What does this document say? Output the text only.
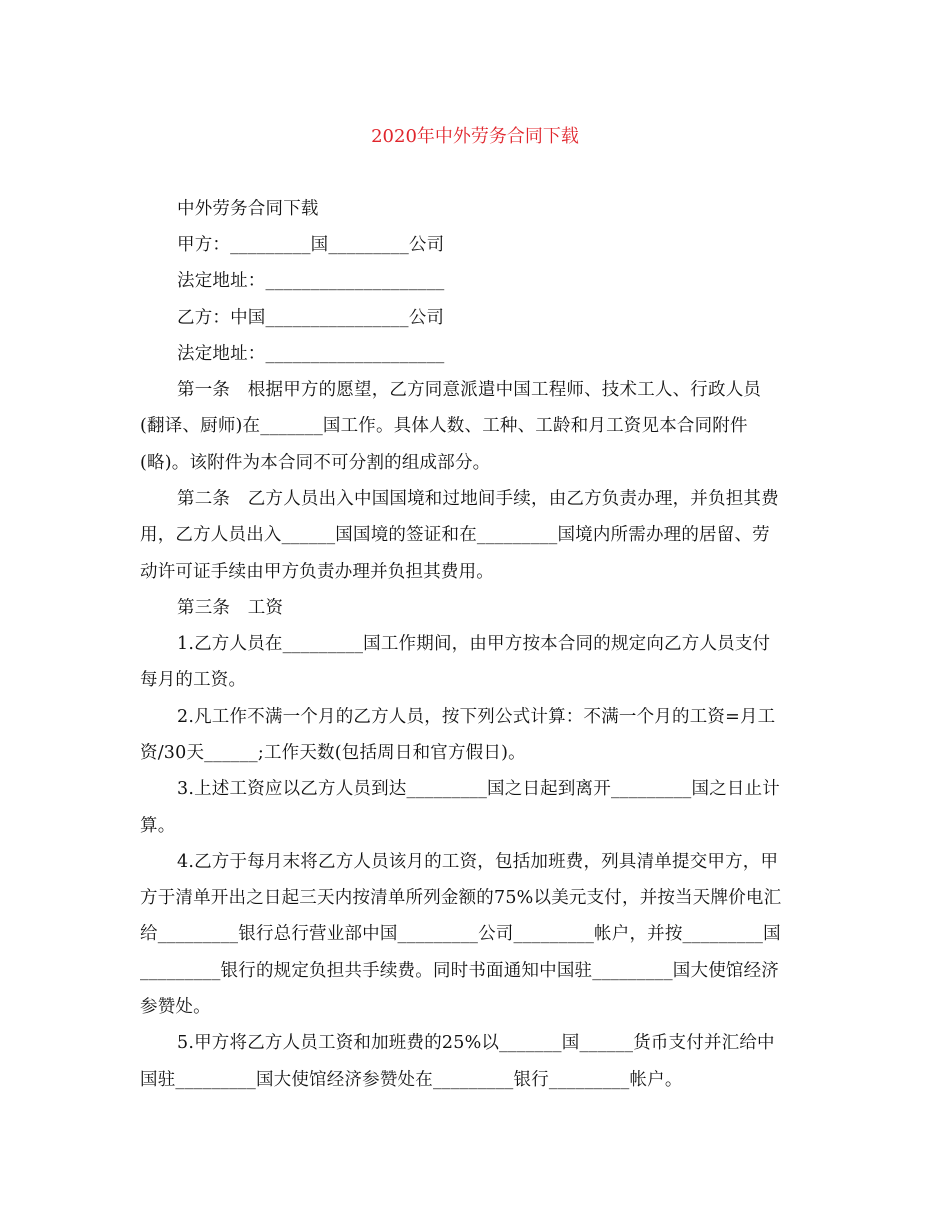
2020年中外劳务合同下载
中外劳务合同下载
甲方：_________国_________公司
法定地址：____________________
乙方：中国________________公司
法定地址：____________________
第一条　根据甲方的愿望，乙方同意派遣中国工程师、技术工人、行政人员
(翻译、厨师)在_______国工作。具体人数、工种、工龄和月工资见本合同附件
(略)。该附件为本合同不可分割的组成部分。
第二条　乙方人员出入中国国境和过地间手续，由乙方负责办理，并负担其费
用，乙方人员出入______国国境的签证和在_________国境内所需办理的居留、劳
动许可证手续由甲方负责办理并负担其费用。
第三条　工资
1.乙方人员在_________国工作期间，由甲方按本合同的规定向乙方人员支付
每月的工资。
2.凡工作不满一个月的乙方人员，按下列公式计算：不满一个月的工资=月工
资/30天______;工作天数(包括周日和官方假日)。
3.上述工资应以乙方人员到达_________国之日起到离开_________国之日止计
算。
4.乙方于每月末将乙方人员该月的工资，包括加班费，列具清单提交甲方，甲
方于清单开出之日起三天内按清单所列金额的75%以美元支付，并按当天牌价电汇
给_________银行总行营业部中国_________公司_________帐户，并按_________国
_________银行的规定负担共手续费。同时书面通知中国驻_________国大使馆经济
参赞处。
5.甲方将乙方人员工资和加班费的25%以_______国______货币支付并汇给中
国驻_________国大使馆经济参赞处在_________银行_________帐户。
